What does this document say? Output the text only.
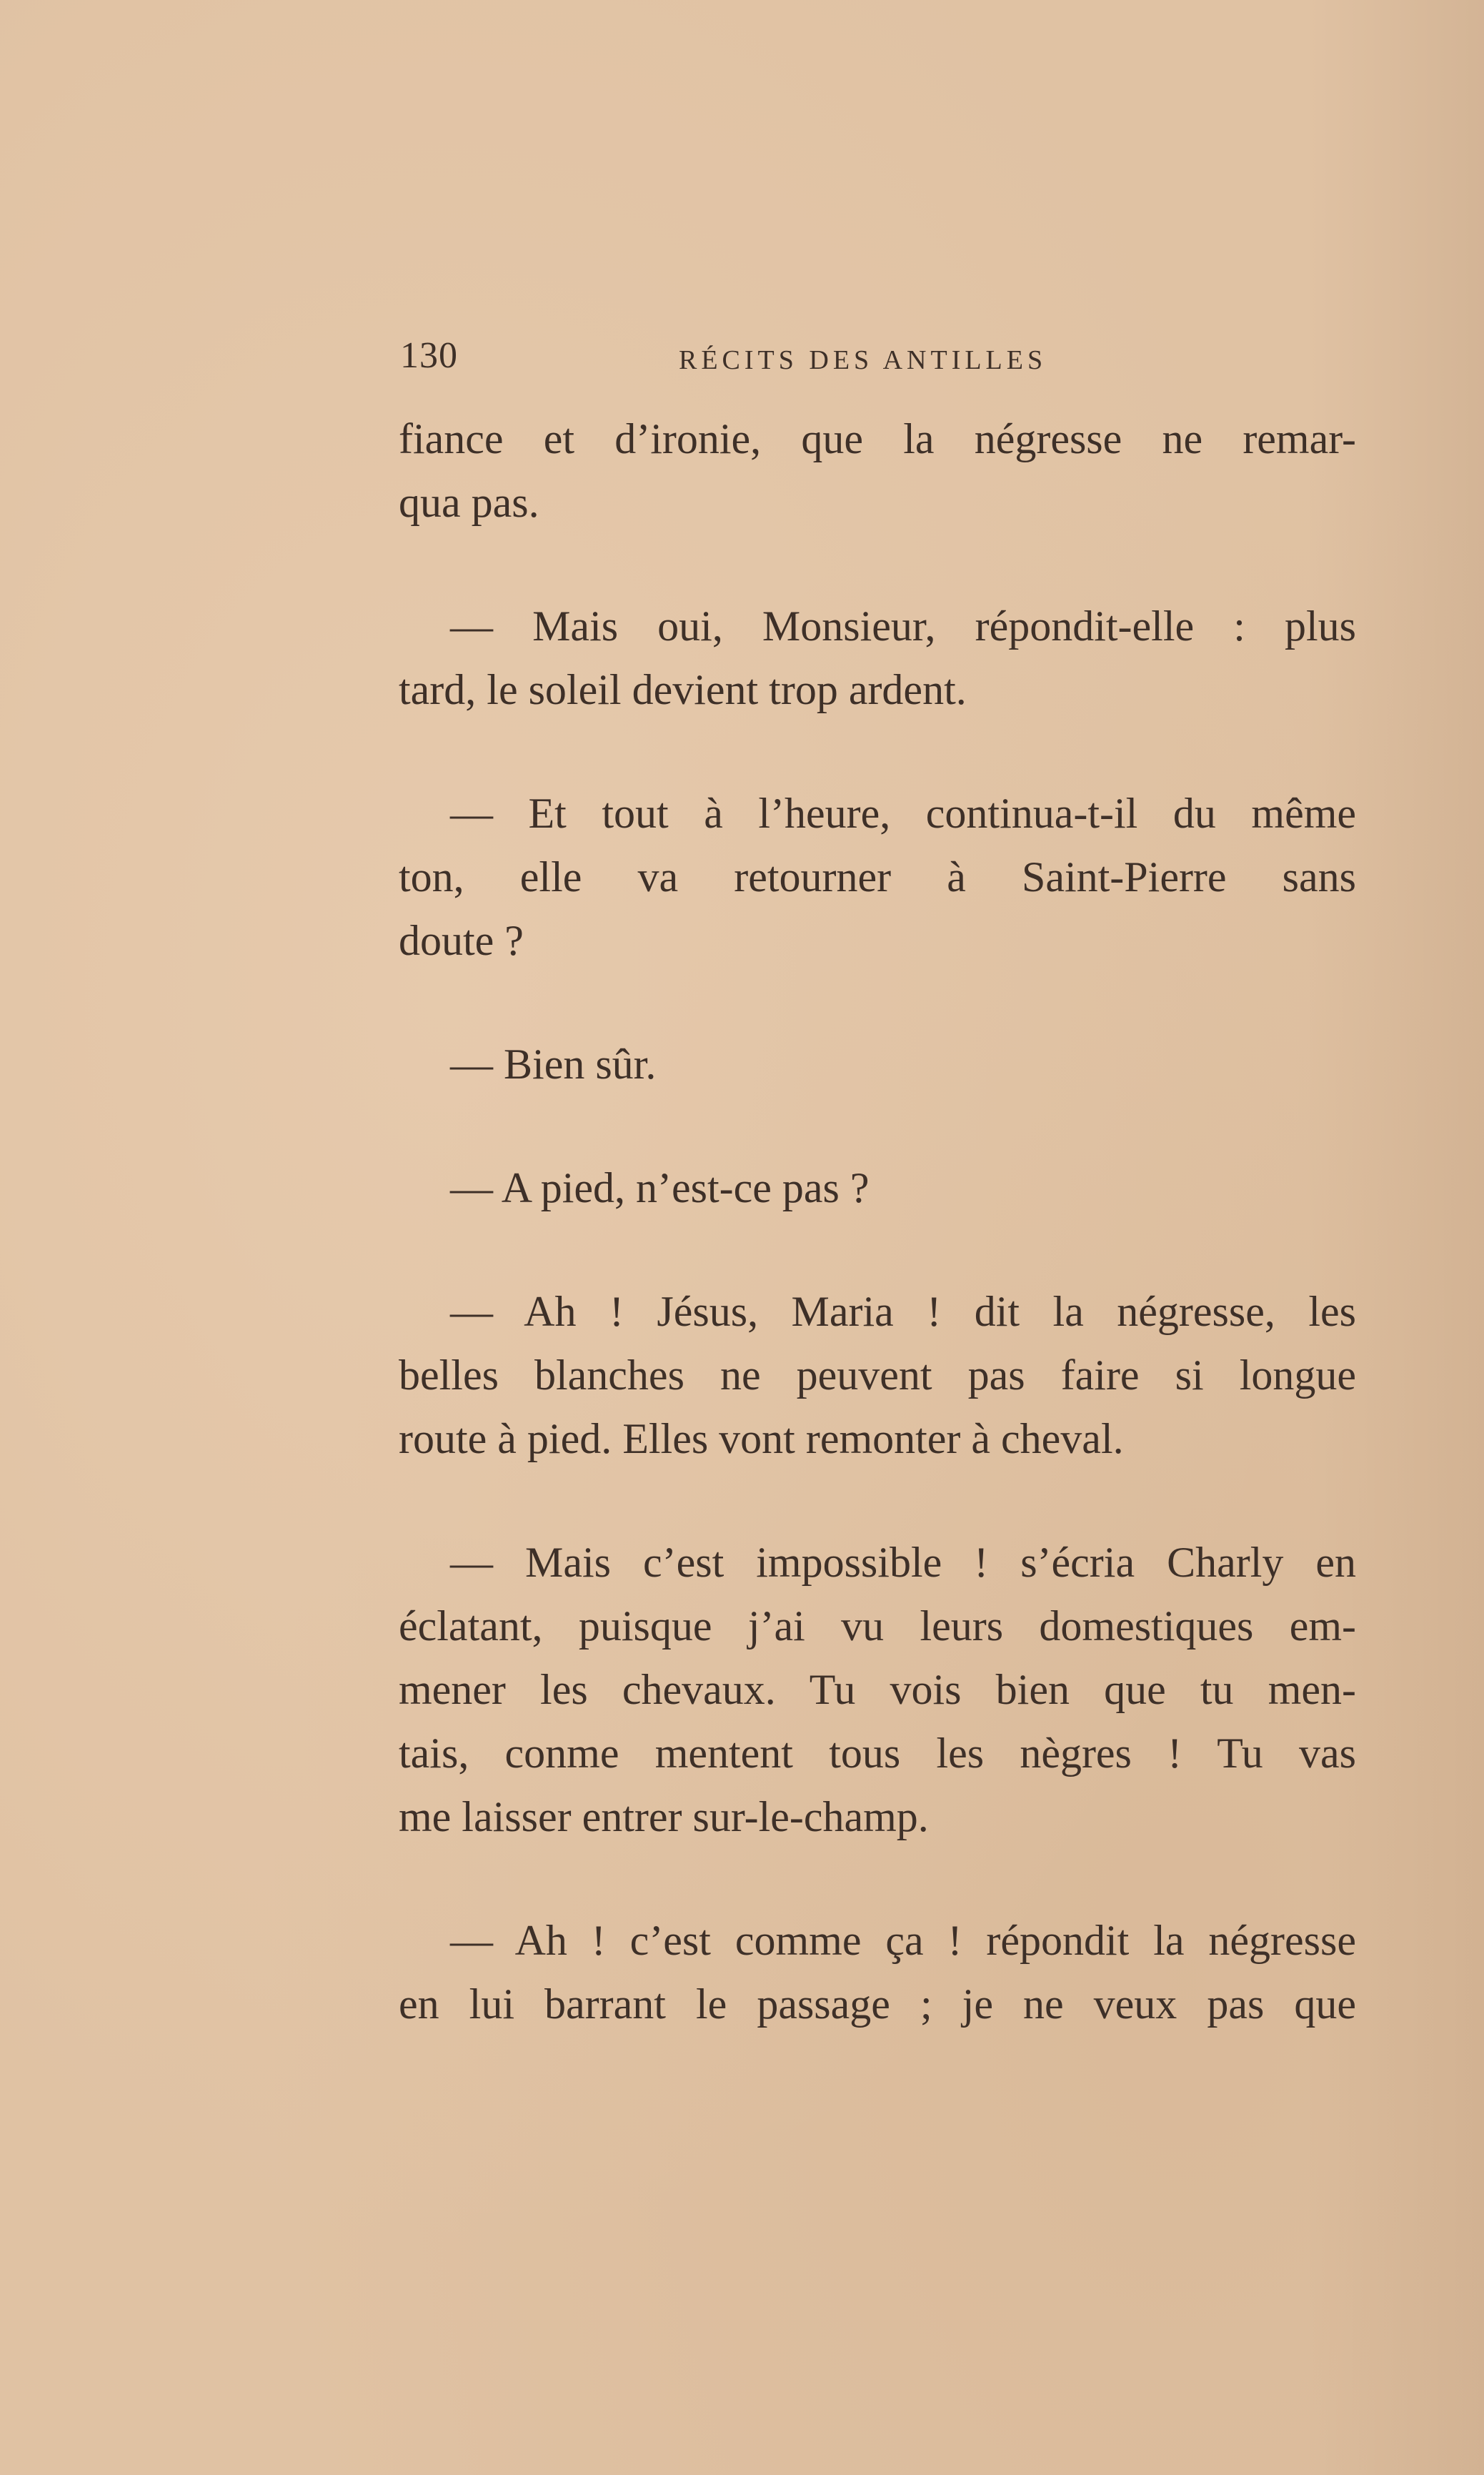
130	RÉCITS DES ANTILLES
fiance et d’ironie, que la négresse ne remar-
qua pas.
— Mais oui, Monsieur, répondit-elle : plus
tard, le soleil devient trop ardent.
— Et tout à l’heure, continua-t-il du même
ton, elle va retourner à Saint-Pierre sans
doute ?
— Bien sûr.
— A pied, n’est-ce pas ?
— Ah ! Jésus, Maria ! dit la négresse, les
belles blanches ne peuvent pas faire si longue
route à pied. Elles vont remonter à cheval.
— Mais c’est impossible ! s’écria Charly en
éclatant, puisque j’ai vu leurs domestiques em-
mener les chevaux. Tu vois bien que tu men-
tais, conme mentent tous les nègres ! Tu vas
me laisser entrer sur-le-champ.
— Ah ! c’est comme ça ! répondit la négresse
en lui barrant le passage ; je ne veux pas que
